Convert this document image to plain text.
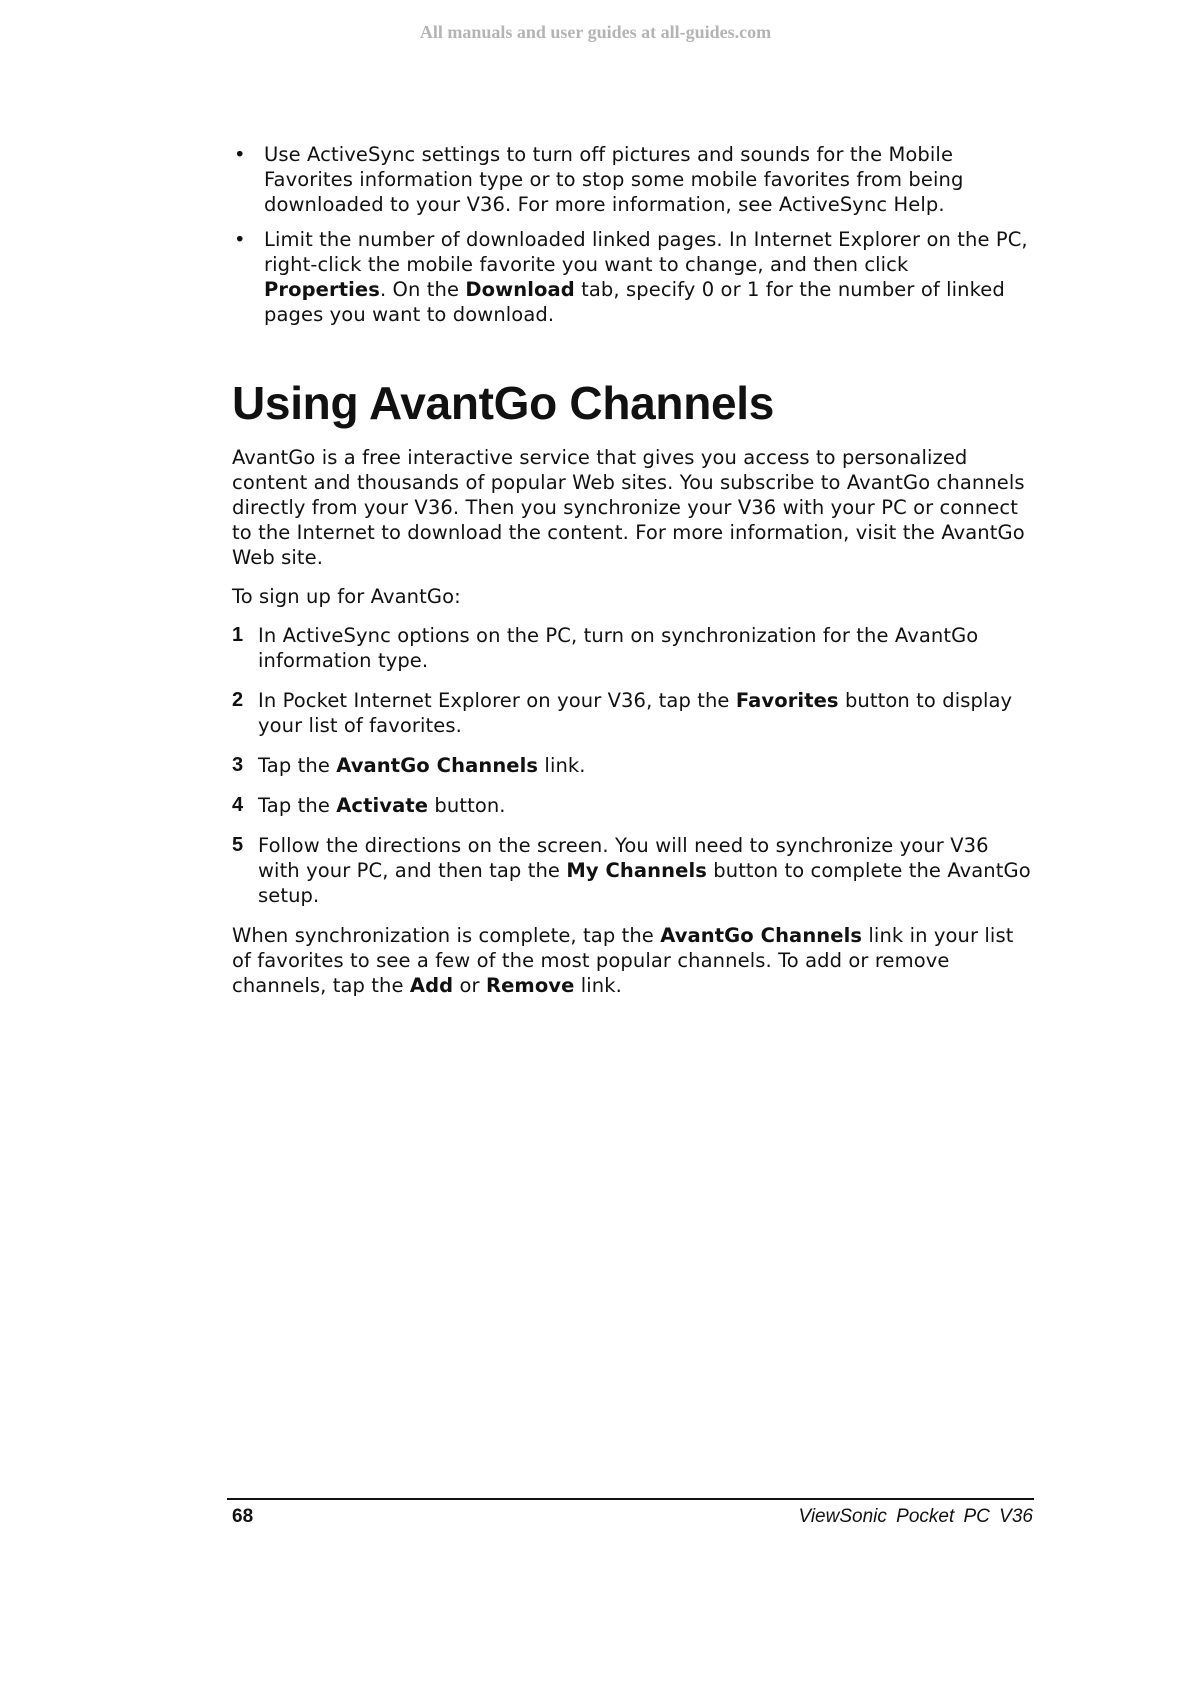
All manuals and user guides at all-guides.com
• Use ActiveSync settings to turn off pictures and sounds for the Mobile Favorites information type or to stop some mobile favorites from being downloaded to your V36. For more information, see ActiveSync Help.
• Limit the number of downloaded linked pages. In Internet Explorer on the PC, right-click the mobile favorite you want to change, and then click Properties. On the Download tab, specify 0 or 1 for the number of linked pages you want to download.
Using AvantGo Channels

AvantGo is a free interactive service that gives you access to personalized content and thousands of popular Web sites. You subscribe to AvantGo channels directly from your V36. Then you synchronize your V36 with your PC or connect to the Internet to download the content. For more information, visit the AvantGo Web site.

To sign up for AvantGo:

1 In ActiveSync options on the PC, turn on synchronization for the AvantGo information type.
2 In Pocket Internet Explorer on your V36, tap the Favorites button to display your list of favorites.
3 Tap the AvantGo Channels link.
4 Tap the Activate button.
5 Follow the directions on the screen. You will need to synchronize your V36 with your PC, and then tap the My Channels button to complete the AvantGo setup.

When synchronization is complete, tap the AvantGo Channels link in your list of favorites to see a few of the most popular channels. To add or remove channels, tap the Add or Remove link.

68	ViewSonic Pocket PC V36
